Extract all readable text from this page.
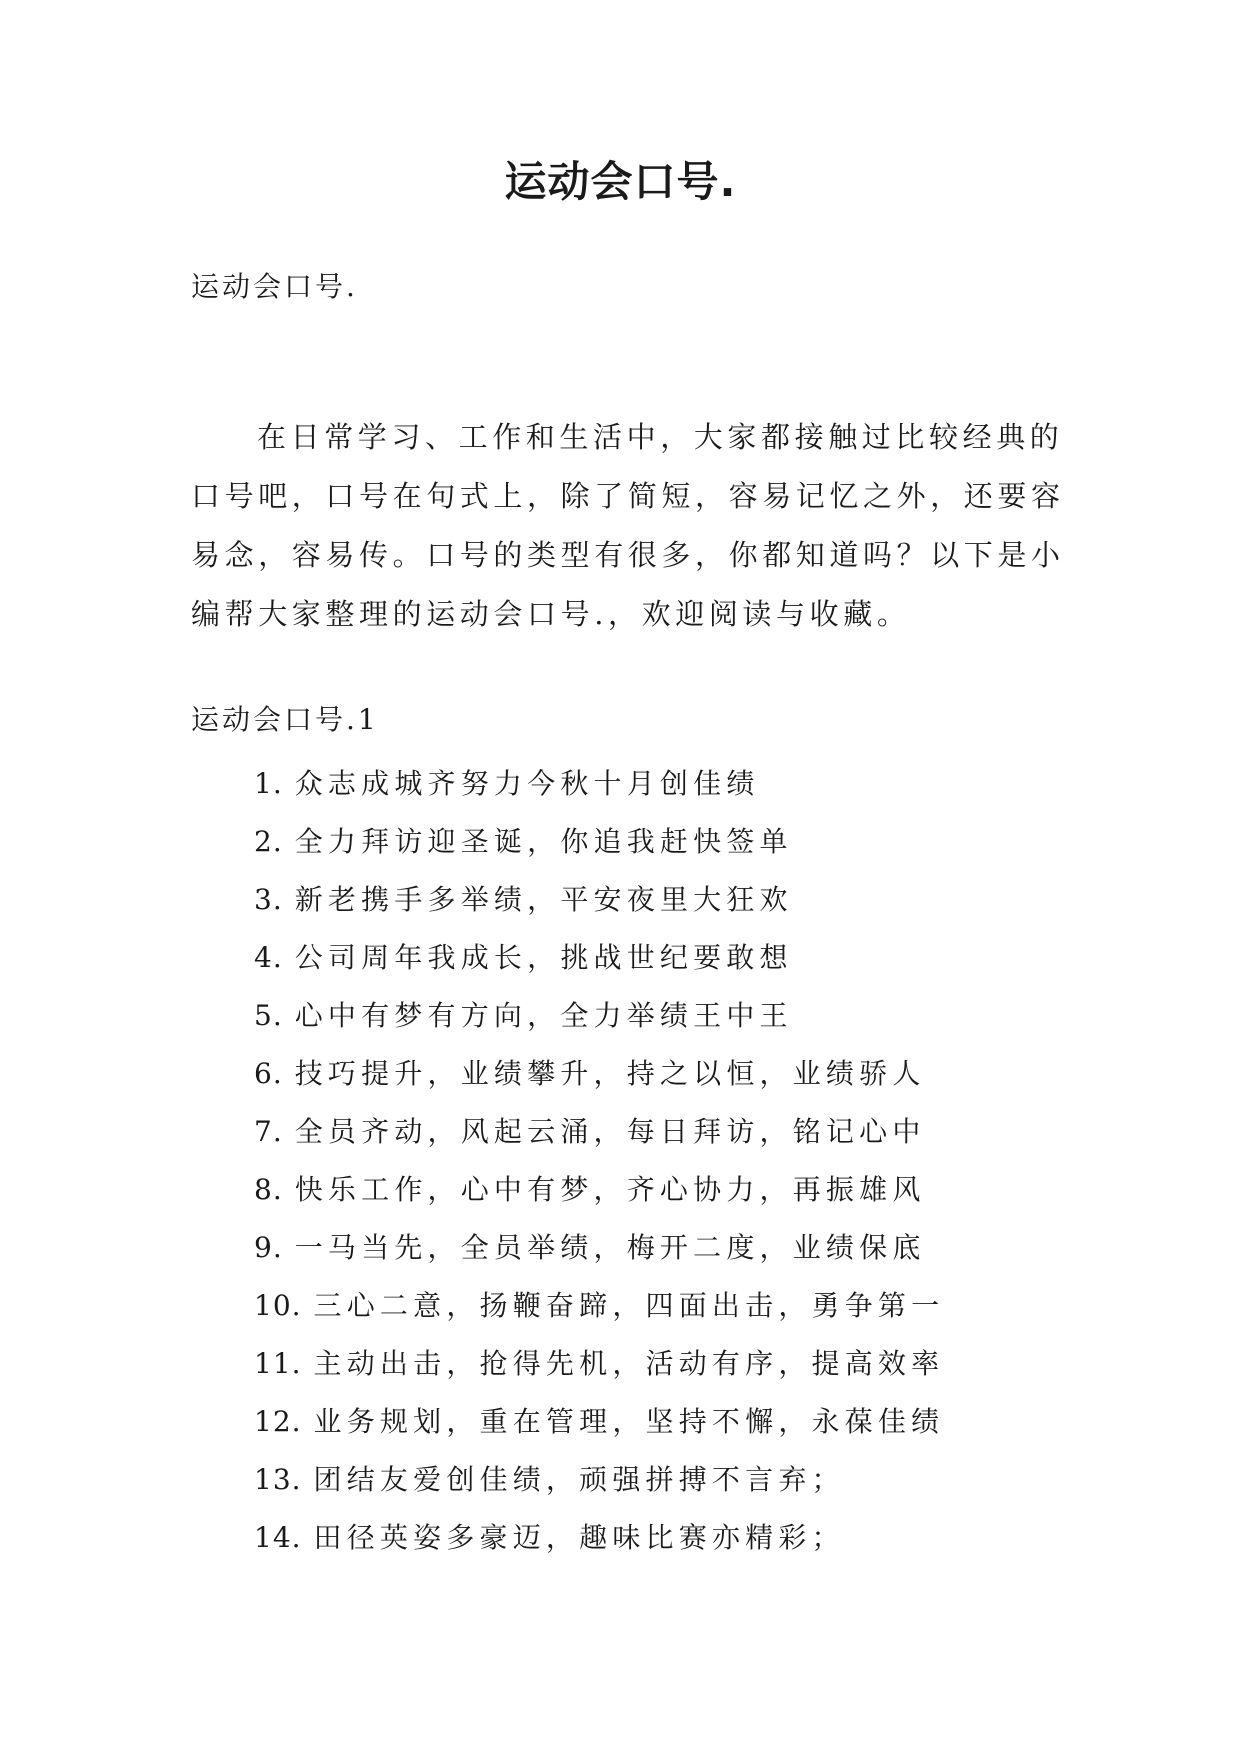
运动会口号.
运动会口号.

在日常学习、工作和生活中，大家都接触过比较经典的口号吧，口号在句式上，除了简短，容易记忆之外，还要容易念，容易传。口号的类型有很多，你都知道吗？以下是小编帮大家整理的运动会口号.，欢迎阅读与收藏。

运动会口号.1
1. 众志成城齐努力今秋十月创佳绩
2. 全力拜访迎圣诞，你追我赶快签单
3. 新老携手多举绩，平安夜里大狂欢
4. 公司周年我成长，挑战世纪要敢想
5. 心中有梦有方向，全力举绩王中王
6. 技巧提升，业绩攀升，持之以恒，业绩骄人
7. 全员齐动，风起云涌，每日拜访，铭记心中
8. 快乐工作，心中有梦，齐心协力，再振雄风
9. 一马当先，全员举绩，梅开二度，业绩保底
10. 三心二意，扬鞭奋蹄，四面出击，勇争第一
11. 主动出击，抢得先机，活动有序，提高效率
12. 业务规划，重在管理，坚持不懈，永葆佳绩
13. 团结友爱创佳绩，顽强拼搏不言弃；
14. 田径英姿多豪迈，趣味比赛亦精彩；
